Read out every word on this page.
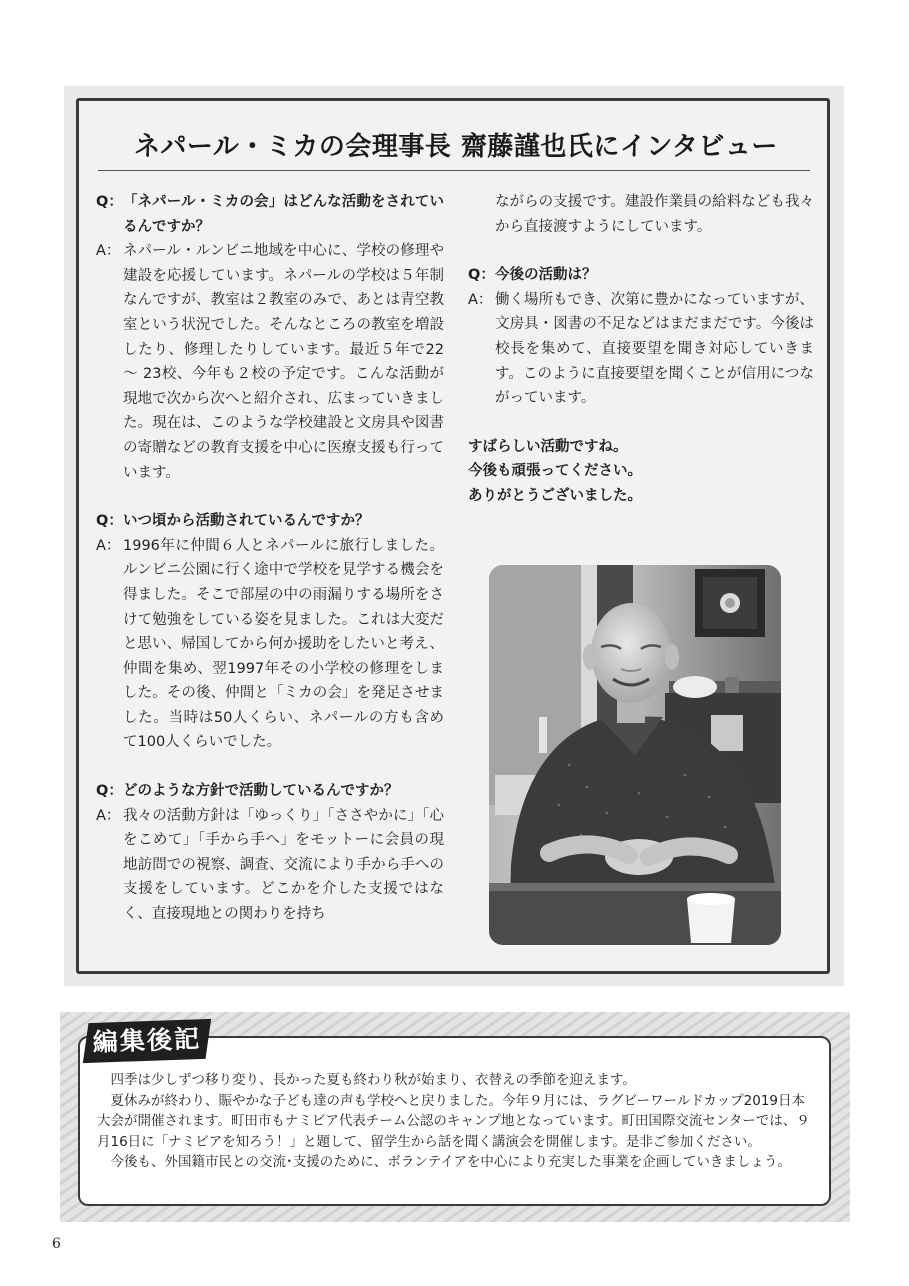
ネパール・ミカの会理事長 齋藤謹也氏にインタビュー
Q： 「ネパール・ミカの会」はどんな活動をされているんですか？
A： ネパール・ルンビニ地域を中心に、学校の修理や建設を応援しています。ネパールの学校は５年制なんですが、教室は２教室のみで、あとは青空教室という状況でした。そんなところの教室を増設したり、修理したりしています。最近５年で22～ 23校、今年も２校の予定です。こんな活動が現地で次から次へと紹介され、広まっていきました。現在は、このような学校建設と文房具や図書の寄贈などの教育支援を中心に医療支援も行っています。
Q： いつ頃から活動されているんですか？
A： 1996年に仲間６人とネパールに旅行しました。ルンビニ公園に行く途中で学校を見学する機会を得ました。そこで部屋の中の雨漏りする場所をさけて勉強をしている姿を見ました。これは大変だと思い、帰国してから何か援助をしたいと考え、仲間を集め、翌1997年その小学校の修理をしました。その後、仲間と「ミカの会」を発足させました。当時は50人くらい、ネパールの方も含めて100人くらいでした。
Q： どのような方針で活動しているんですか？
A： 我々の活動方針は「ゆっくり」「ささやかに」「心をこめて」「手から手へ」をモットーに会員の現地訪問での視察、調査、交流により手から手への支援をしています。どこかを介した支援ではなく、直接現地との関わりを持ち
ながらの支援です。建設作業員の給料なども我々から直接渡すようにしています。
Q： 今後の活動は？
A： 働く場所もでき、次第に豊かになっていますが、文房具・図書の不足などはまだまだです。今後は校長を集めて、直接要望を聞き対応していきます。このように直接要望を聞くことが信用につながっています。
すばらしい活動ですね。
今後も頑張ってください。
ありがとうございました。
編集後記

四季は少しずつ移り変り、長かった夏も終わり秋が始まり、衣替えの季節を迎えます。

夏休みが終わり、賑やかな子ども達の声も学校へと戻りました。今年９月には、ラグビーワールドカップ2019日本大会が開催されます。町田市もナミビア代表チーム公認のキャンプ地となっています。町田国際交流センターでは、９月16日に「ナミビアを知ろう！」と題して、留学生から話を聞く講演会を開催します。是非ご参加ください。

今後も、外国籍市民との交流･支援のために、ボランテイアを中心により充実した事業を企画していきましょう。

6
